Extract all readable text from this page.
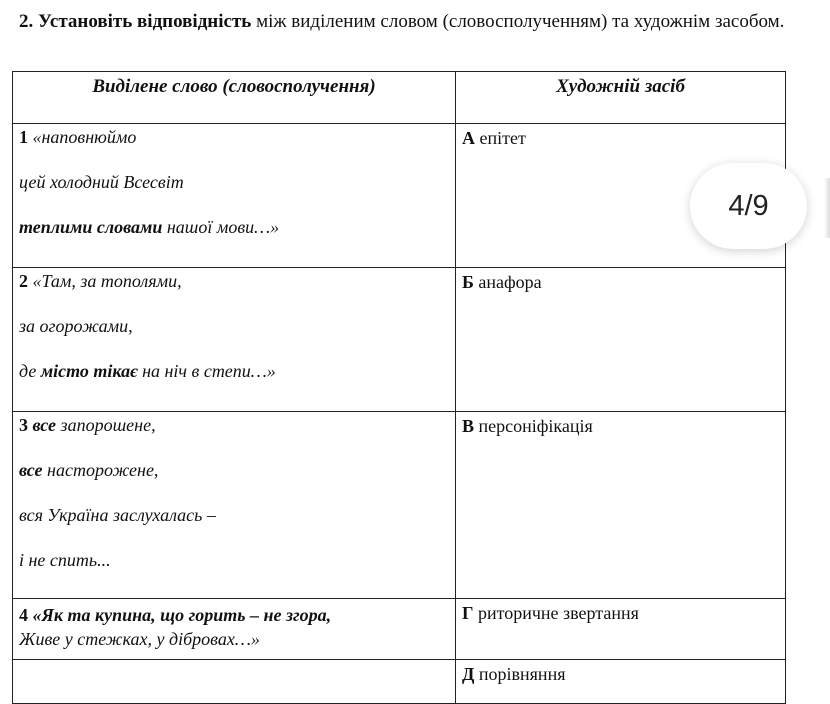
2. Установіть відповідність між виділеним словом (словосполученням) та художнім засобом.
Виділене слово (словосполучення)	Художній засіб

1 «наповнюймо
цей холодний Всесвіт
теплими словами нашої мови…»	А епітет

2 «Там, за тополями,
за огорожами,
де місто тікає на ніч в степи…»	Б анафора

3 все запорошене,
все насторожене,
вся Україна заслухалась –
і не спить...	В персоніфікація

4 «Як та купина, що горить – не згора,
Живе у стежках, у дібровах…»	Г риторичне звертання
	Д порівняння
4/9
